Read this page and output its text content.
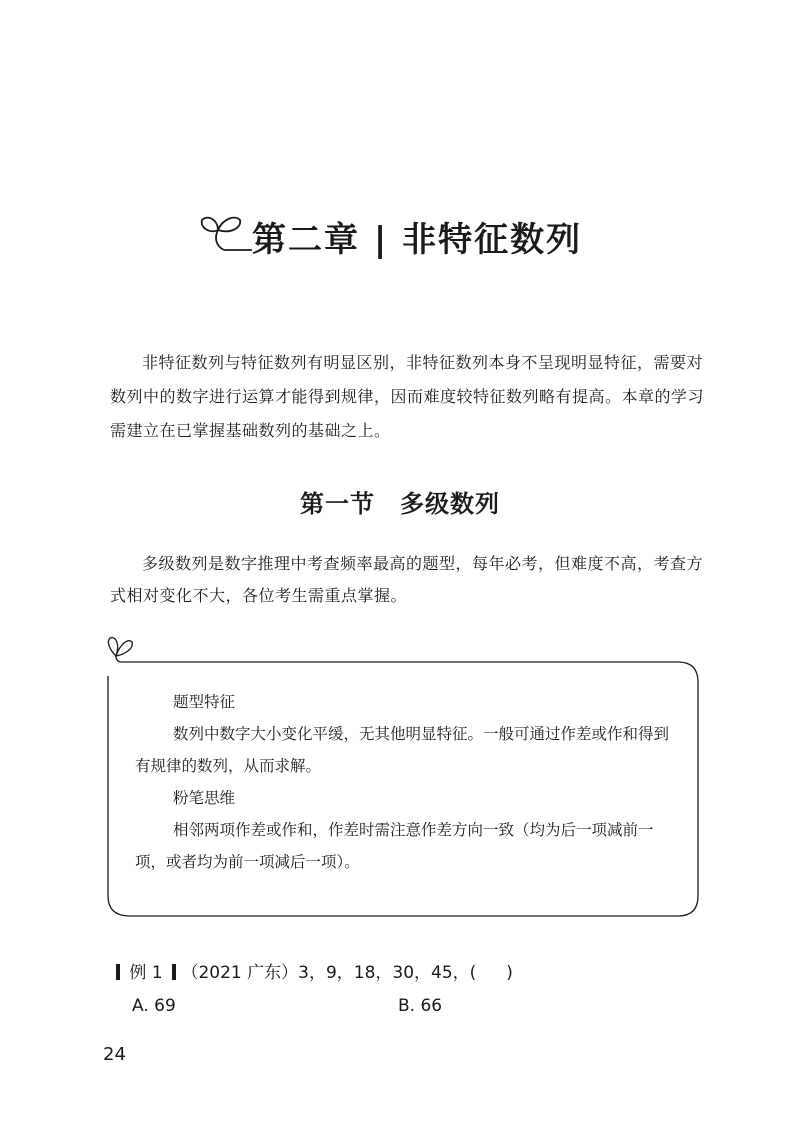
第二章 | 非特征数列

非特征数列与特征数列有明显区别，非特征数列本身不呈现明显特征，需要对数列中的数字进行运算才能得到规律，因而难度较特征数列略有提高。本章的学习需建立在已掌握基础数列的基础之上。

第一节　多级数列

多级数列是数字推理中考查频率最高的题型，每年必考，但难度不高，考查方式相对变化不大，各位考生需重点掌握。

题型特征

数列中数字大小变化平缓，无其他明显特征。一般可通过作差或作和得到有规律的数列，从而求解。

粉笔思维

相邻两项作差或作和，作差时需注意作差方向一致（均为后一项减前一项，或者均为前一项减后一项）。

例 1 （2021 广东）3，9，18，30，45，( )
A. 69	B. 66
24
